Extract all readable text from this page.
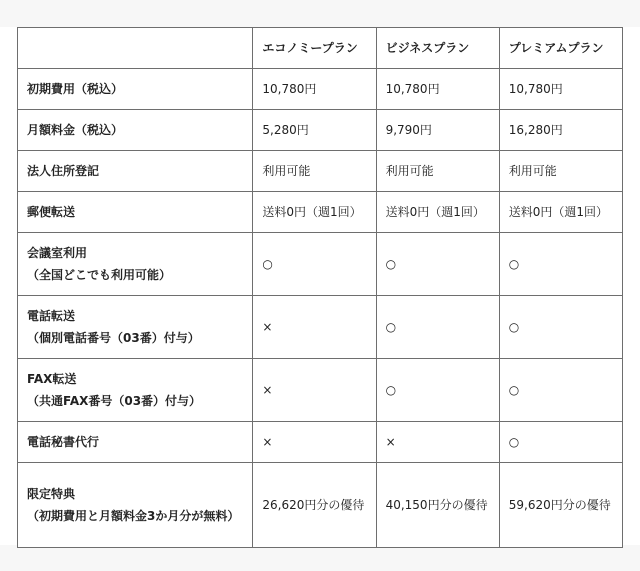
	エコノミープラン	ビジネスプラン	プレミアムプラン
初期費用（税込）	10,780円	10,780円	10,780円
月額料金（税込）	5,280円	9,790円	16,280円
法人住所登記	利用可能	利用可能	利用可能
郵便転送	送料0円（週1回）	送料0円（週1回）	送料0円（週1回）

会議室利用
（全国どこでも利用可能）	○	○	○

電話転送
（個別電話番号（03番）付与）	×	○	○

FAX転送
（共通FAX番号（03番）付与）	×	○	○
電話秘書代行	×	×	○

限定特典
（初期費用と月額料金3か月分が無料）	26,620円分の優待	40,150円分の優待	59,620円分の優待
